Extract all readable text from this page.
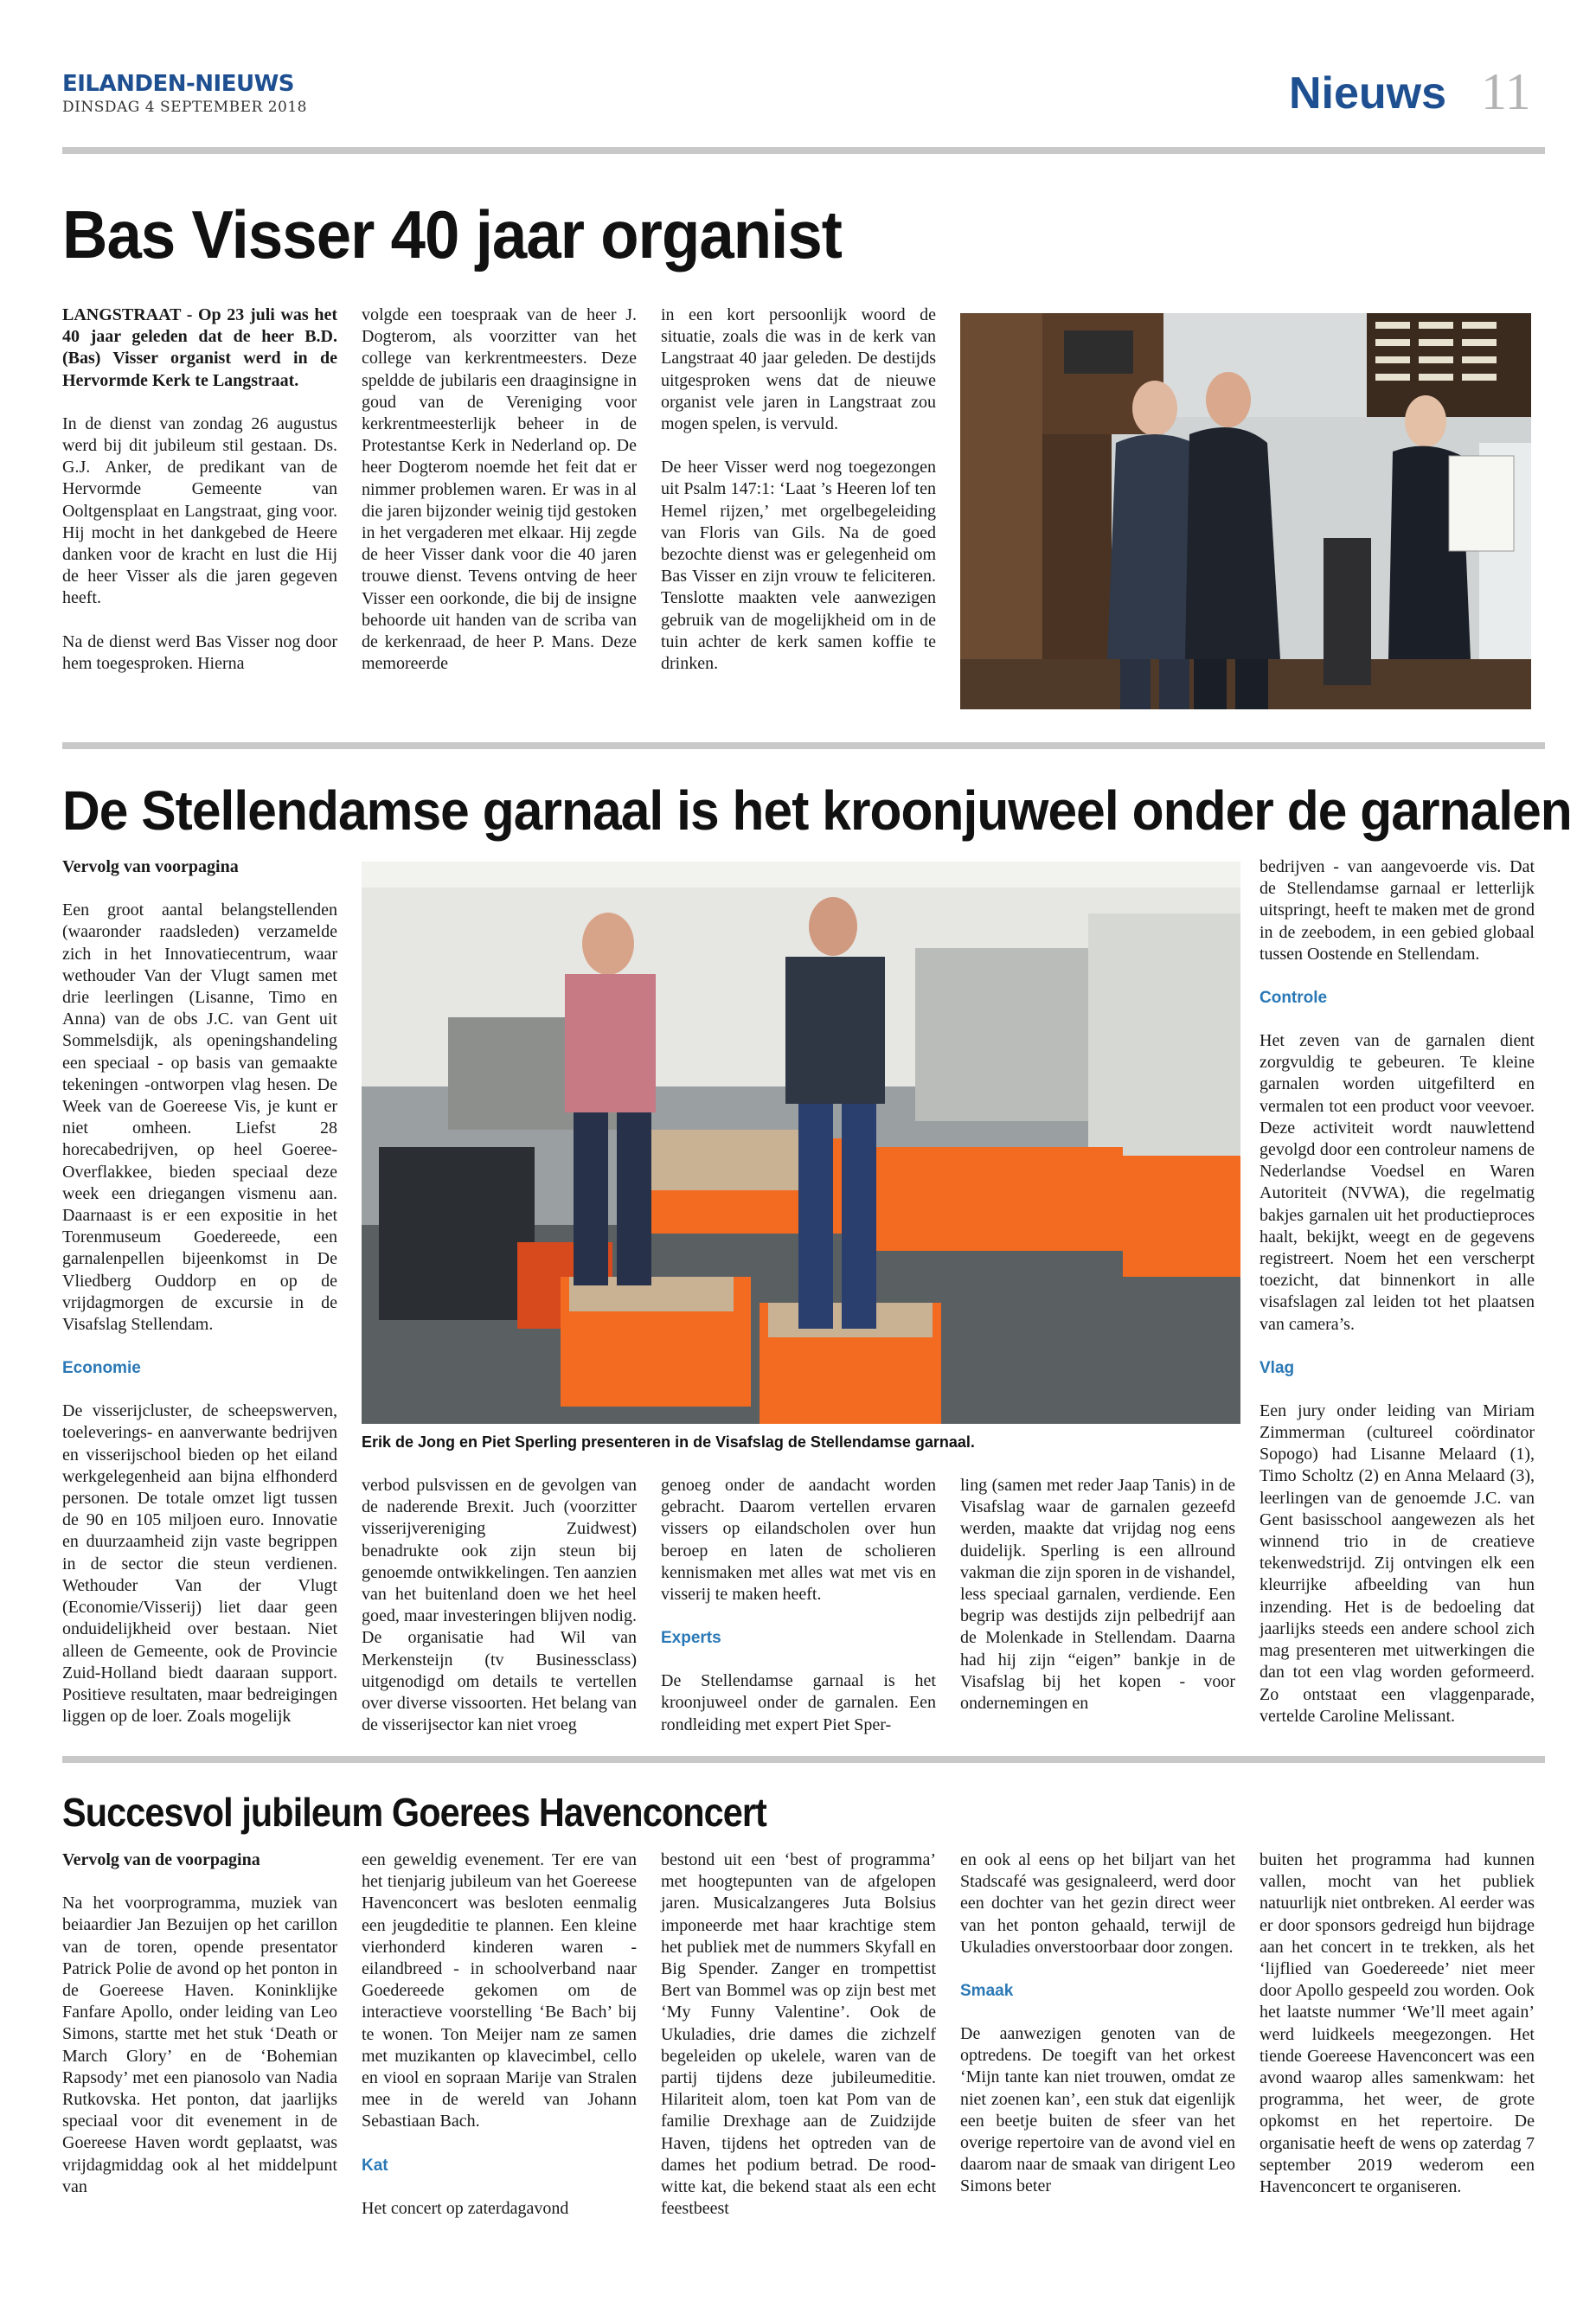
EILANDEN-NIEUWS
DINSDAG 4 SEPTEMBER 2018	Nieuws 11
Bas Visser 40 jaar organist

LANGSTRAAT - Op 23 juli was het 40 jaar geleden dat de heer B.D. (Bas) Visser organist werd in de Hervormde Kerk te Langstraat.

In de dienst van zondag 26 augustus werd bij dit jubileum stil gestaan. Ds. G.J. Anker, de predikant van de Hervormde Gemeente van Ooltgensplaat en Langstraat, ging voor. Hij mocht in het dankgebed de Heere danken voor de kracht en lust die Hij de heer Visser als die jaren gegeven heeft.

Na de dienst werd Bas Visser nog door hem toegesproken. Hierna

volgde een toespraak van de heer J. Dogterom, als voorzitter van het college van kerkrentmeesters. Deze speldde de jubilaris een draaginsigne in goud van de Vereniging voor kerkrentmeesterlijk beheer in de Protestantse Kerk in Nederland op. De heer Dogterom noemde het feit dat er nimmer problemen waren. Er was in al die jaren bijzonder weinig tijd gestoken in het vergaderen met elkaar. Hij zegde de heer Visser dank voor die 40 jaren trouwe dienst. Tevens ontving de heer Visser een oorkonde, die bij de insigne behoorde uit handen van de scriba van de kerkenraad, de heer P. Mans. Deze memoreerde

in een kort persoonlijk woord de situatie, zoals die was in de kerk van Langstraat 40 jaar geleden. De destijds uitgesproken wens dat de nieuwe organist vele jaren in Langstraat zou mogen spelen, is vervuld.

De heer Visser werd nog toegezongen uit Psalm 147:1: ‘Laat ’s Heeren lof ten Hemel rijzen,’ met orgelbegeleiding van Floris van Gils. Na de goed bezochte dienst was er gelegenheid om Bas Visser en zijn vrouw te feliciteren. Tenslotte maakten vele aanwezigen gebruik van de mogelijkheid om in de tuin achter de kerk samen koffie te drinken.

De Stellendamse garnaal is het kroonjuweel onder de garnalen

Vervolg van voorpagina

Een groot aantal belangstellenden (waaronder raadsleden) verzamelde zich in het Innovatiecentrum, waar wethouder Van der Vlugt samen met drie leerlingen (Lisanne, Timo en Anna) van de obs J.C. van Gent uit Sommelsdijk, als openingshandeling een speciaal - op basis van gemaakte tekeningen -ontworpen vlag hesen. De Week van de Goereese Vis, je kunt er niet omheen. Liefst 28 horecabedrijven, op heel Goeree-Overflakkee, bieden speciaal deze week een driegangen vismenu aan. Daarnaast is er een expositie in het Torenmuseum Goedereede, een garnalenpellen bijeenkomst in De Vliedberg Ouddorp en op de vrijdagmorgen de excursie in de Visafslag Stellendam.

Economie

De visserijcluster, de scheepswerven, toeleverings- en aanverwante bedrijven en visserijschool bieden op het eiland werkgelegenheid aan bijna elfhonderd personen. De totale omzet ligt tussen de 90 en 105 miljoen euro. Innovatie en duurzaamheid zijn vaste begrippen in de sector die steun verdienen. Wethouder Van der Vlugt (Economie/Visserij) liet daar geen onduidelijkheid over bestaan. Niet alleen de Gemeente, ook de Provincie Zuid-Holland biedt daaraan support. Positieve resultaten, maar bedreigingen liggen op de loer. Zoals mogelijk

Erik de Jong en Piet Sperling presenteren in de Visafslag de Stellendamse garnaal.

verbod pulsvissen en de gevolgen van de naderende Brexit. Juch (voorzitter visserijvereniging Zuidwest) benadrukte ook zijn steun bij genoemde ontwikkelingen. Ten aanzien van het buitenland doen we het heel goed, maar investeringen blijven nodig. De organisatie had Wil van Merkensteijn (tv Businessclass) uitgenodigd om details te vertellen over diverse vissoorten. Het belang van de visserijsector kan niet vroeg

genoeg onder de aandacht worden gebracht. Daarom vertellen ervaren vissers op eilandscholen over hun beroep en laten de scholieren kennismaken met alles wat met vis en visserij te maken heeft.

Experts

De Stellendamse garnaal is het kroonjuweel onder de garnalen. Een rondleiding met expert Piet Sper-

ling (samen met reder Jaap Tanis) in de Visafslag waar de garnalen gezeefd werden, maakte dat vrijdag nog eens duidelijk. Sperling is een allround vakman die zijn sporen in de vishandel, less speciaal garnalen, verdiende. Een begrip was destijds zijn pelbedrijf aan de Molenkade in Stellendam. Daarna had hij zijn “eigen” bankje in de Visafslag bij het kopen - voor ondernemingen en

bedrijven - van aangevoerde vis. Dat de Stellendamse garnaal er letterlijk uitspringt, heeft te maken met de grond in de zeebodem, in een gebied globaal tussen Oostende en Stellendam.

Controle

Het zeven van de garnalen dient zorgvuldig te gebeuren. Te kleine garnalen worden uitgefilterd en vermalen tot een product voor veevoer. Deze activiteit wordt nauwlettend gevolgd door een controleur namens de Nederlandse Voedsel en Waren Autoriteit (NVWA), die regelmatig bakjes garnalen uit het productieproces haalt, bekijkt, weegt en de gegevens registreert. Noem het een verscherpt toezicht, dat binnenkort in alle visafslagen zal leiden tot het plaatsen van camera’s.

Vlag

Een jury onder leiding van Miriam Zimmerman (cultureel coördinator Sopogo) had Lisanne Melaard (1), Timo Scholtz (2) en Anna Melaard (3), leerlingen van de genoemde J.C. van Gent basisschool aangewezen als het winnend trio in de creatieve tekenwedstrijd. Zij ontvingen elk een kleurrijke afbeelding van hun inzending. Het is de bedoeling dat jaarlijks steeds een andere school zich mag presenteren met uitwerkingen die dan tot een vlag worden geformeerd. Zo ontstaat een vlaggenparade, vertelde Caroline Melissant.

Succesvol jubileum Goerees Havenconcert

Vervolg van de voorpagina

Na het voorprogramma, muziek van beiaardier Jan Bezuijen op het carillon van de toren, opende presentator Patrick Polie de avond op het ponton in de Goereese Haven. Koninklijke Fanfare Apollo, onder leiding van Leo Simons, startte met het stuk ‘Death or March Glory’ en de ‘Bohemian Rapsody’ met een pianosolo van Nadia Rutkovska. Het ponton, dat jaarlijks speciaal voor dit evenement in de Goereese Haven wordt geplaatst, was vrijdagmiddag ook al het middelpunt van

een geweldig evenement. Ter ere van het tienjarig jubileum van het Goereese Havenconcert was besloten eenmalig een jeugdeditie te plannen. Een kleine vierhonderd kinderen waren - eilandbreed - in schoolverband naar Goedereede gekomen om de interactieve voorstelling ‘Be Bach’ bij te wonen. Ton Meijer nam ze samen met muzikanten op klavecimbel, cello en viool en sopraan Marije van Stralen mee in de wereld van Johann Sebastiaan Bach.

Kat

Het concert op zaterdagavond

bestond uit een ‘best of programma’ met hoogtepunten van de afgelopen jaren. Musicalzangeres Juta Bolsius imponeerde met haar krachtige stem het publiek met de nummers Skyfall en Big Spender. Zanger en trompettist Bert van Bommel was op zijn best met ‘My Funny Valentine’. Ook de Ukuladies, drie dames die zichzelf begeleiden op ukelele, waren van de partij tijdens deze jubileumeditie. Hilariteit alom, toen kat Pom van de familie Drexhage aan de Zuidzijde Haven, tijdens het optreden van de dames het podium betrad. De rood-witte kat, die bekend staat als een echt feestbeest

en ook al eens op het biljart van het Stadscafé was gesignaleerd, werd door een dochter van het gezin direct weer van het ponton gehaald, terwijl de Ukuladies onverstoorbaar door zongen.

Smaak

De aanwezigen genoten van de optredens. De toegift van het orkest ‘Mijn tante kan niet trouwen, omdat ze niet zoenen kan’, een stuk dat eigenlijk een beetje buiten de sfeer van het overige repertoire van de avond viel en daarom naar de smaak van dirigent Leo Simons beter

buiten het programma had kunnen vallen, mocht van het publiek natuurlijk niet ontbreken. Al eerder was er door sponsors gedreigd hun bijdrage aan het concert in te trekken, als het ‘lijflied van Goedereede’ niet meer door Apollo gespeeld zou worden. Ook het laatste nummer ‘We’ll meet again’ werd luidkeels meegezongen. Het tiende Goereese Havenconcert was een avond waarop alles samenkwam: het programma, het weer, de grote opkomst en het repertoire. De organisatie heeft de wens op zaterdag 7 september 2019 wederom een Havenconcert te organiseren.
